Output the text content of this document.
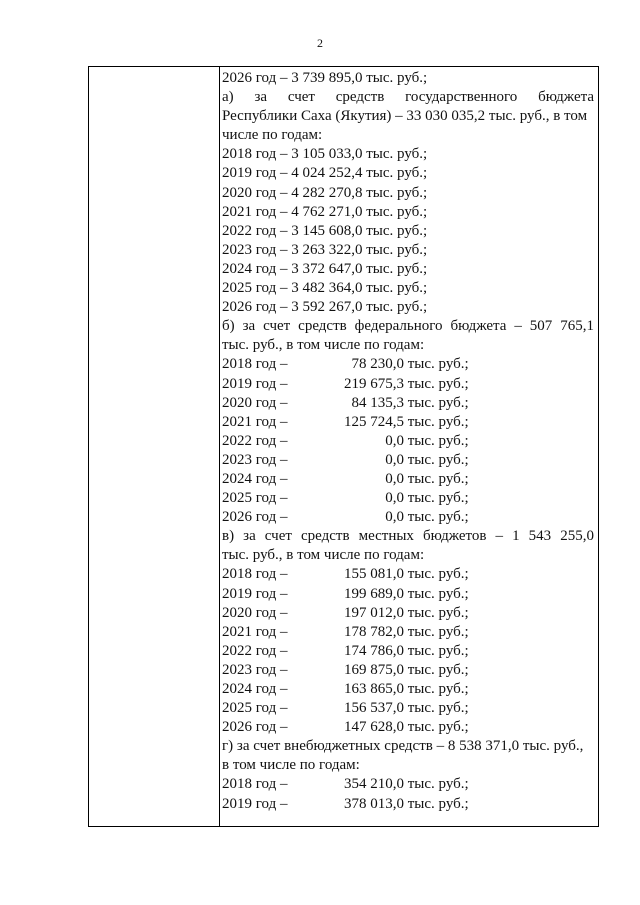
2
2026 год – 3 739 895,0 тыс. руб.;
а) за счет средств государственного бюджета
Республики Саха (Якутия) – 33 030 035,2 тыс. руб., в том
числе по годам:
2018 год – 3 105 033,0 тыс. руб.;
2019 год – 4 024 252,4 тыс. руб.;
2020 год – 4 282 270,8 тыс. руб.;
2021 год – 4 762 271,0 тыс. руб.;
2022 год – 3 145 608,0 тыс. руб.;
2023 год – 3 263 322,0 тыс. руб.;
2024 год – 3 372 647,0 тыс. руб.;
2025 год – 3 482 364,0 тыс. руб.;
2026 год – 3 592 267,0 тыс. руб.;
б) за счет средств федерального бюджета – 507 765,1
тыс. руб., в том числе по годам:
2018 год –	78 230,0 тыс. руб.;
2019 год –	219 675,3 тыс. руб.;
2020 год –	84 135,3 тыс. руб.;
2021 год –	125 724,5 тыс. руб.;
2022 год –	0,0 тыс. руб.;
2023 год –	0,0 тыс. руб.;
2024 год –	0,0 тыс. руб.;
2025 год –	0,0 тыс. руб.;
2026 год –	0,0 тыс. руб.;
в) за счет средств местных бюджетов – 1 543 255,0
тыс. руб., в том числе по годам:
2018 год –	155 081,0 тыс. руб.;
2019 год –	199 689,0 тыс. руб.;
2020 год –	197 012,0 тыс. руб.;
2021 год –	178 782,0 тыс. руб.;
2022 год –	174 786,0 тыс. руб.;
2023 год –	169 875,0 тыс. руб.;
2024 год –	163 865,0 тыс. руб.;
2025 год –	156 537,0 тыс. руб.;
2026 год –	147 628,0 тыс. руб.;
г) за счет внебюджетных средств – 8 538 371,0 тыс. руб.,
в том числе по годам:
2018 год –	354 210,0 тыс. руб.;
2019 год –	378 013,0 тыс. руб.;
